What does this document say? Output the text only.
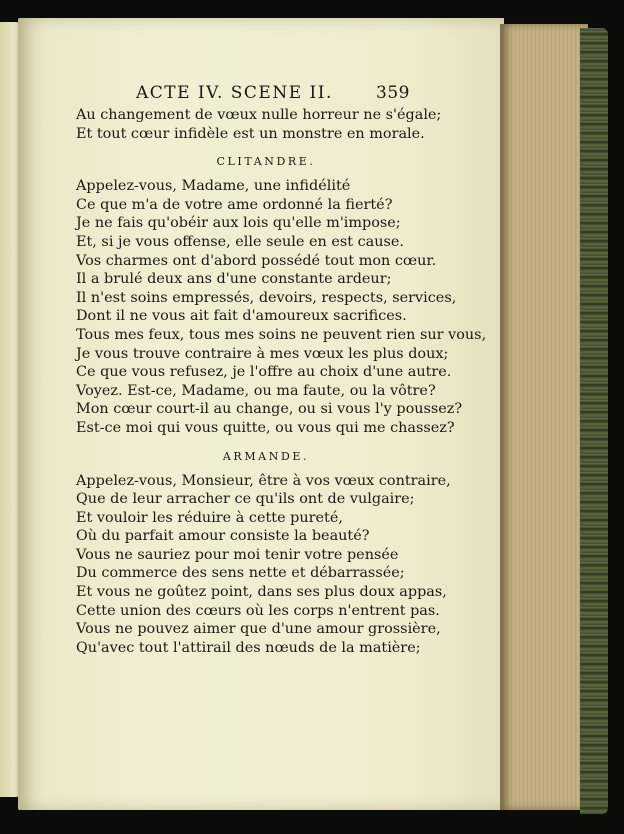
ACTE IV. SCENE II.	359
Au changement de vœux nulle horreur ne s'égale;
Et tout cœur infidèle est un monstre en morale.
CLITANDRE.
Appelez-vous, Madame, une infidélité
Ce que m'a de votre ame ordonné la fierté?
Je ne fais qu'obéir aux lois qu'elle m'impose;
Et, si je vous offense, elle seule en est cause.
Vos charmes ont d'abord possédé tout mon cœur.
Il a brulé deux ans d'une constante ardeur;
Il n'est soins empressés, devoirs, respects, services,
Dont il ne vous ait fait d'amoureux sacrifices.
Tous mes feux, tous mes soins ne peuvent rien sur vous,
Je vous trouve contraire à mes vœux les plus doux;
Ce que vous refusez, je l'offre au choix d'une autre.
Voyez. Est-ce, Madame, ou ma faute, ou la vôtre?
Mon cœur court-il au change, ou si vous l'y poussez?
Est-ce moi qui vous quitte, ou vous qui me chassez?
ARMANDE.
Appelez-vous, Monsieur, être à vos vœux contraire,
Que de leur arracher ce qu'ils ont de vulgaire;
Et vouloir les réduire à cette pureté,
Où du parfait amour consiste la beauté?
Vous ne sauriez pour moi tenir votre pensée
Du commerce des sens nette et débarrassée;
Et vous ne goûtez point, dans ses plus doux appas,
Cette union des cœurs où les corps n'entrent pas.
Vous ne pouvez aimer que d'une amour grossière,
Qu'avec tout l'attirail des nœuds de la matière;
